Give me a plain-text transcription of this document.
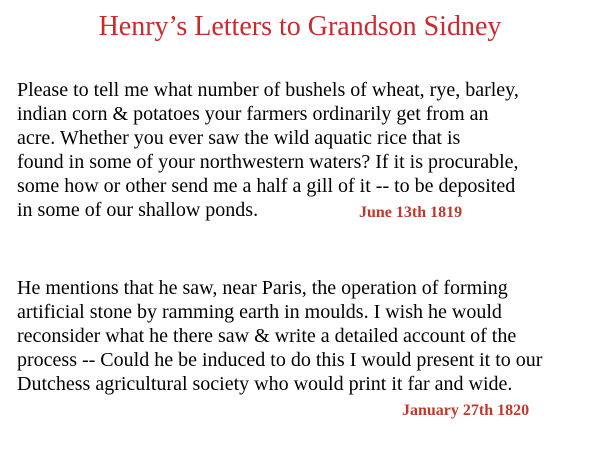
Henry’s Letters to Grandson Sidney
Please to tell me what number of bushels of wheat, rye, barley,
indian corn & potatoes your farmers ordinarily get from an
acre. Whether you ever saw the wild aquatic rice that is
found in some of your northwestern waters? If it is procurable,
some how or other send me a half a gill of it -- to be deposited
in some of our shallow ponds.	June 13th 1819
He mentions that he saw, near Paris, the operation of forming
artificial stone by ramming earth in moulds. I wish he would
reconsider what he there saw & write a detailed account of the
process -- Could he be induced to do this I would present it to our
Dutchess agricultural society who would print it far and wide.
January 27th 1820
